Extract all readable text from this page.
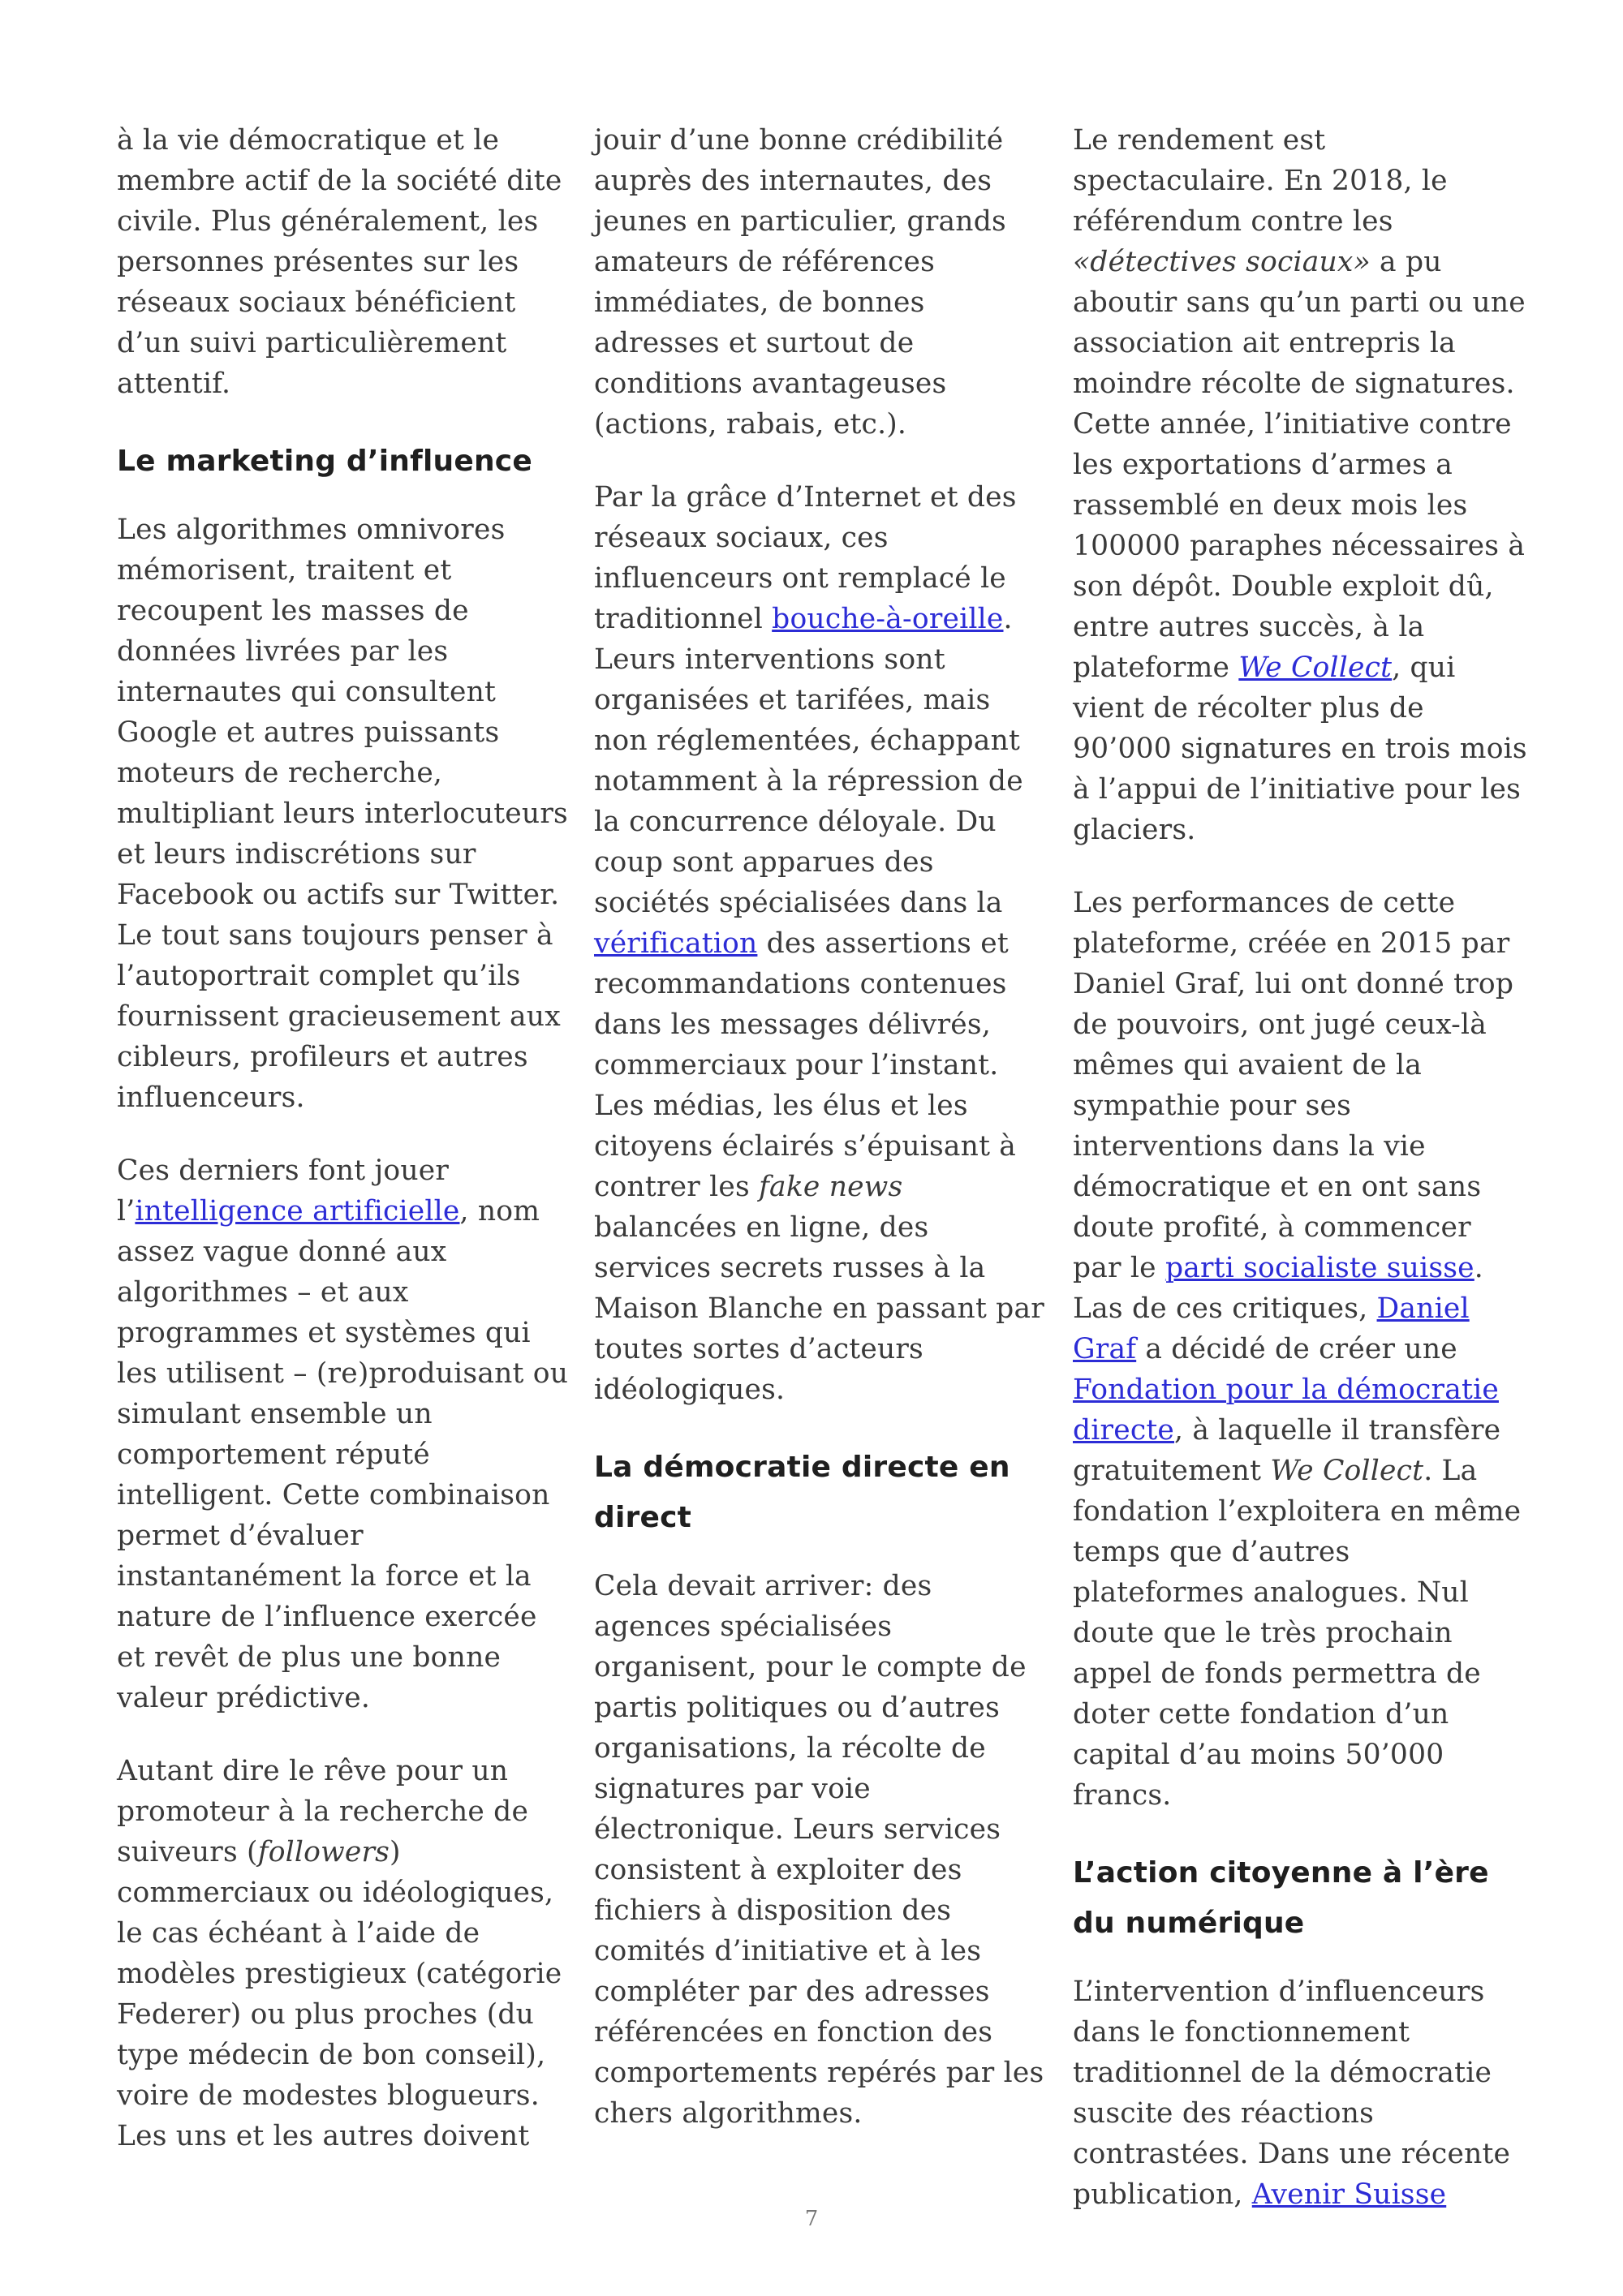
à la vie démocratique et le membre actif de la société dite civile. Plus généralement, les personnes présentes sur les réseaux sociaux bénéficient d’un suivi particulièrement attentif.

Le marketing d’influence

Les algorithmes omnivores mémorisent, traitent et recoupent les masses de données livrées par les internautes qui consultent Google et autres puissants moteurs de recherche, multipliant leurs interlocuteurs et leurs indiscrétions sur Facebook ou actifs sur Twitter. Le tout sans toujours penser à l’autoportrait complet qu’ils fournissent gracieusement aux cibleurs, profileurs et autres influenceurs.

Ces derniers font jouer l’intelligence artificielle, nom assez vague donné aux algorithmes – et aux programmes et systèmes qui les utilisent – (re)produisant ou simulant ensemble un comportement réputé intelligent. Cette combinaison permet d’évaluer instantanément la force et la nature de l’influence exercée et revêt de plus une bonne valeur prédictive.

Autant dire le rêve pour un promoteur à la recherche de suiveurs (followers) commerciaux ou idéologiques, le cas échéant à l’aide de modèles prestigieux (catégorie Federer) ou plus proches (du type médecin de bon conseil), voire de modestes blogueurs. Les uns et les autres doivent

jouir d’une bonne crédibilité auprès des internautes, des jeunes en particulier, grands amateurs de références immédiates, de bonnes adresses et surtout de conditions avantageuses (actions, rabais, etc.).

Par la grâce d’Internet et des réseaux sociaux, ces influenceurs ont remplacé le traditionnel bouche-à-oreille. Leurs interventions sont organisées et tarifées, mais non réglementées, échappant notamment à la répression de la concurrence déloyale. Du coup sont apparues des sociétés spécialisées dans la vérification des assertions et recommandations contenues dans les messages délivrés, commerciaux pour l’instant. Les médias, les élus et les citoyens éclairés s’épuisant à contrer les fake news balancées en ligne, des services secrets russes à la Maison Blanche en passant par toutes sortes d’acteurs idéologiques.

La démocratie directe en direct

Cela devait arriver: des agences spécialisées organisent, pour le compte de partis politiques ou d’autres organisations, la récolte de signatures par voie électronique. Leurs services consistent à exploiter des fichiers à disposition des comités d’initiative et à les compléter par des adresses référencées en fonction des comportements repérés par les chers algorithmes.

Le rendement est spectaculaire. En 2018, le référendum contre les «détectives sociaux» a pu aboutir sans qu’un parti ou une association ait entrepris la moindre récolte de signatures. Cette année, l’initiative contre les exportations d’armes a rassemblé en deux mois les 100000 paraphes nécessaires à son dépôt. Double exploit dû, entre autres succès, à la plateforme We Collect, qui vient de récolter plus de 90’000 signatures en trois mois à l’appui de l’initiative pour les glaciers.

Les performances de cette plateforme, créée en 2015 par Daniel Graf, lui ont donné trop de pouvoirs, ont jugé ceux-là mêmes qui avaient de la sympathie pour ses interventions dans la vie démocratique et en ont sans doute profité, à commencer par le parti socialiste suisse. Las de ces critiques, Daniel Graf a décidé de créer une Fondation pour la démocratie directe, à laquelle il transfère gratuitement We Collect. La fondation l’exploitera en même temps que d’autres plateformes analogues. Nul doute que le très prochain appel de fonds permettra de doter cette fondation d’un capital d’au moins 50’000 francs.

L’action citoyenne à l’ère du numérique

L’intervention d’influenceurs dans le fonctionnement traditionnel de la démocratie suscite des réactions contrastées. Dans une récente publication, Avenir Suisse

7
